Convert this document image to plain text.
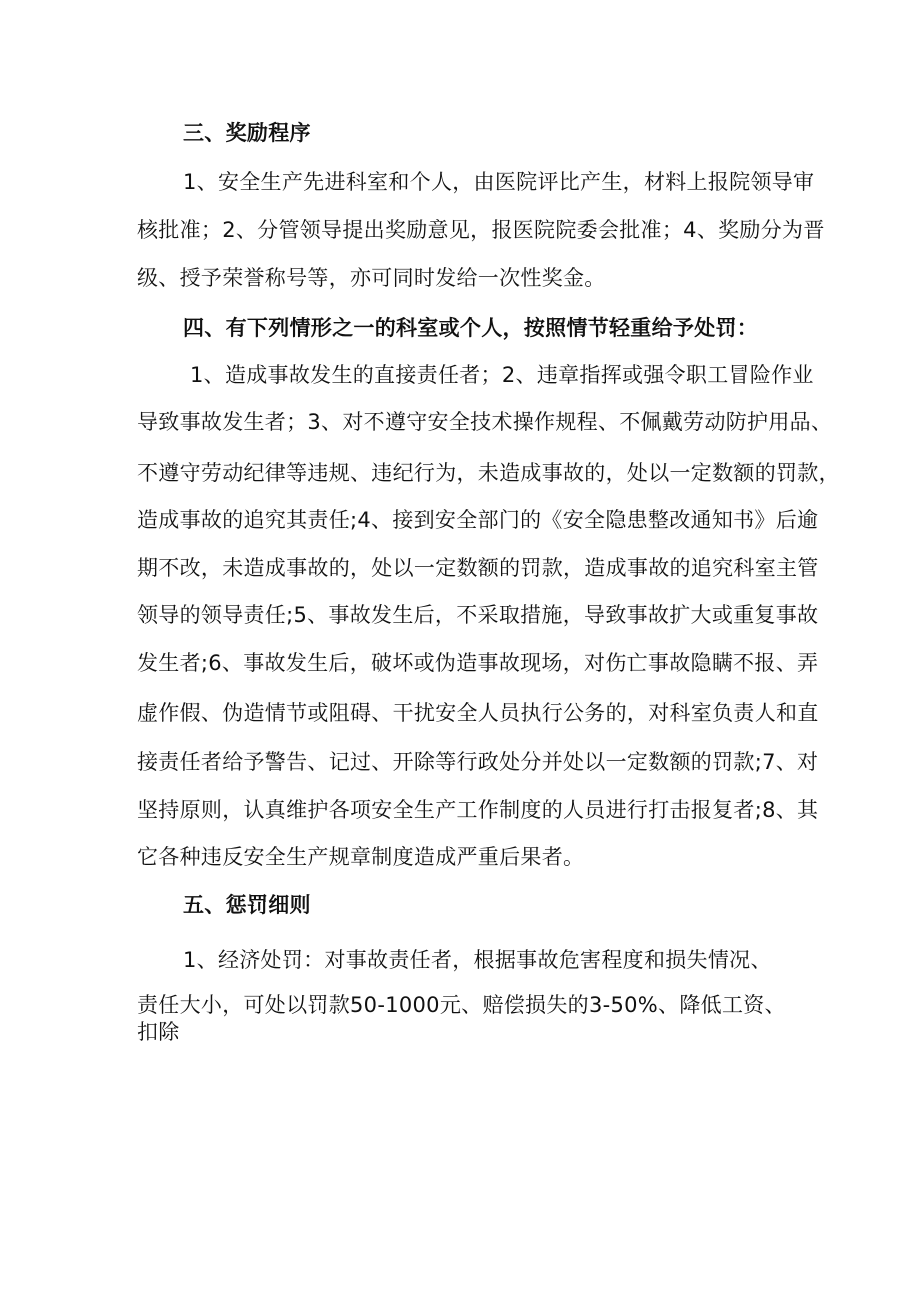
三、奖励程序
1、安全生产先进科室和个人，由医院评比产生，材料上报院领导审
核批准；2、分管领导提出奖励意见，报医院院委会批准；4、奖励分为晋
级、授予荣誉称号等，亦可同时发给一次性奖金。
四、有下列情形之一的科室或个人，按照情节轻重给予处罚：
1、造成事故发生的直接责任者；2、违章指挥或强令职工冒险作业
导致事故发生者；3、对不遵守安全技术操作规程、不佩戴劳动防护用品、
不遵守劳动纪律等违规、违纪行为，未造成事故的，处以一定数额的罚款，
造成事故的追究其责任;4、接到安全部门的《安全隐患整改通知书》后逾
期不改，未造成事故的，处以一定数额的罚款，造成事故的追究科室主管
领导的领导责任;5、事故发生后，不采取措施，导致事故扩大或重复事故
发生者;6、事故发生后，破坏或伪造事故现场，对伤亡事故隐瞒不报、弄
虚作假、伪造情节或阻碍、干扰安全人员执行公务的，对科室负责人和直
接责任者给予警告、记过、开除等行政处分并处以一定数额的罚款;7、对
坚持原则，认真维护各项安全生产工作制度的人员进行打击报复者;8、其
它各种违反安全生产规章制度造成严重后果者。
五、惩罚细则
1、经济处罚：对事故责任者，根据事故危害程度和损失情况、
责任大小，可处以罚款50-1000元、赔偿损失的3-50%、降低工资、
扣除
